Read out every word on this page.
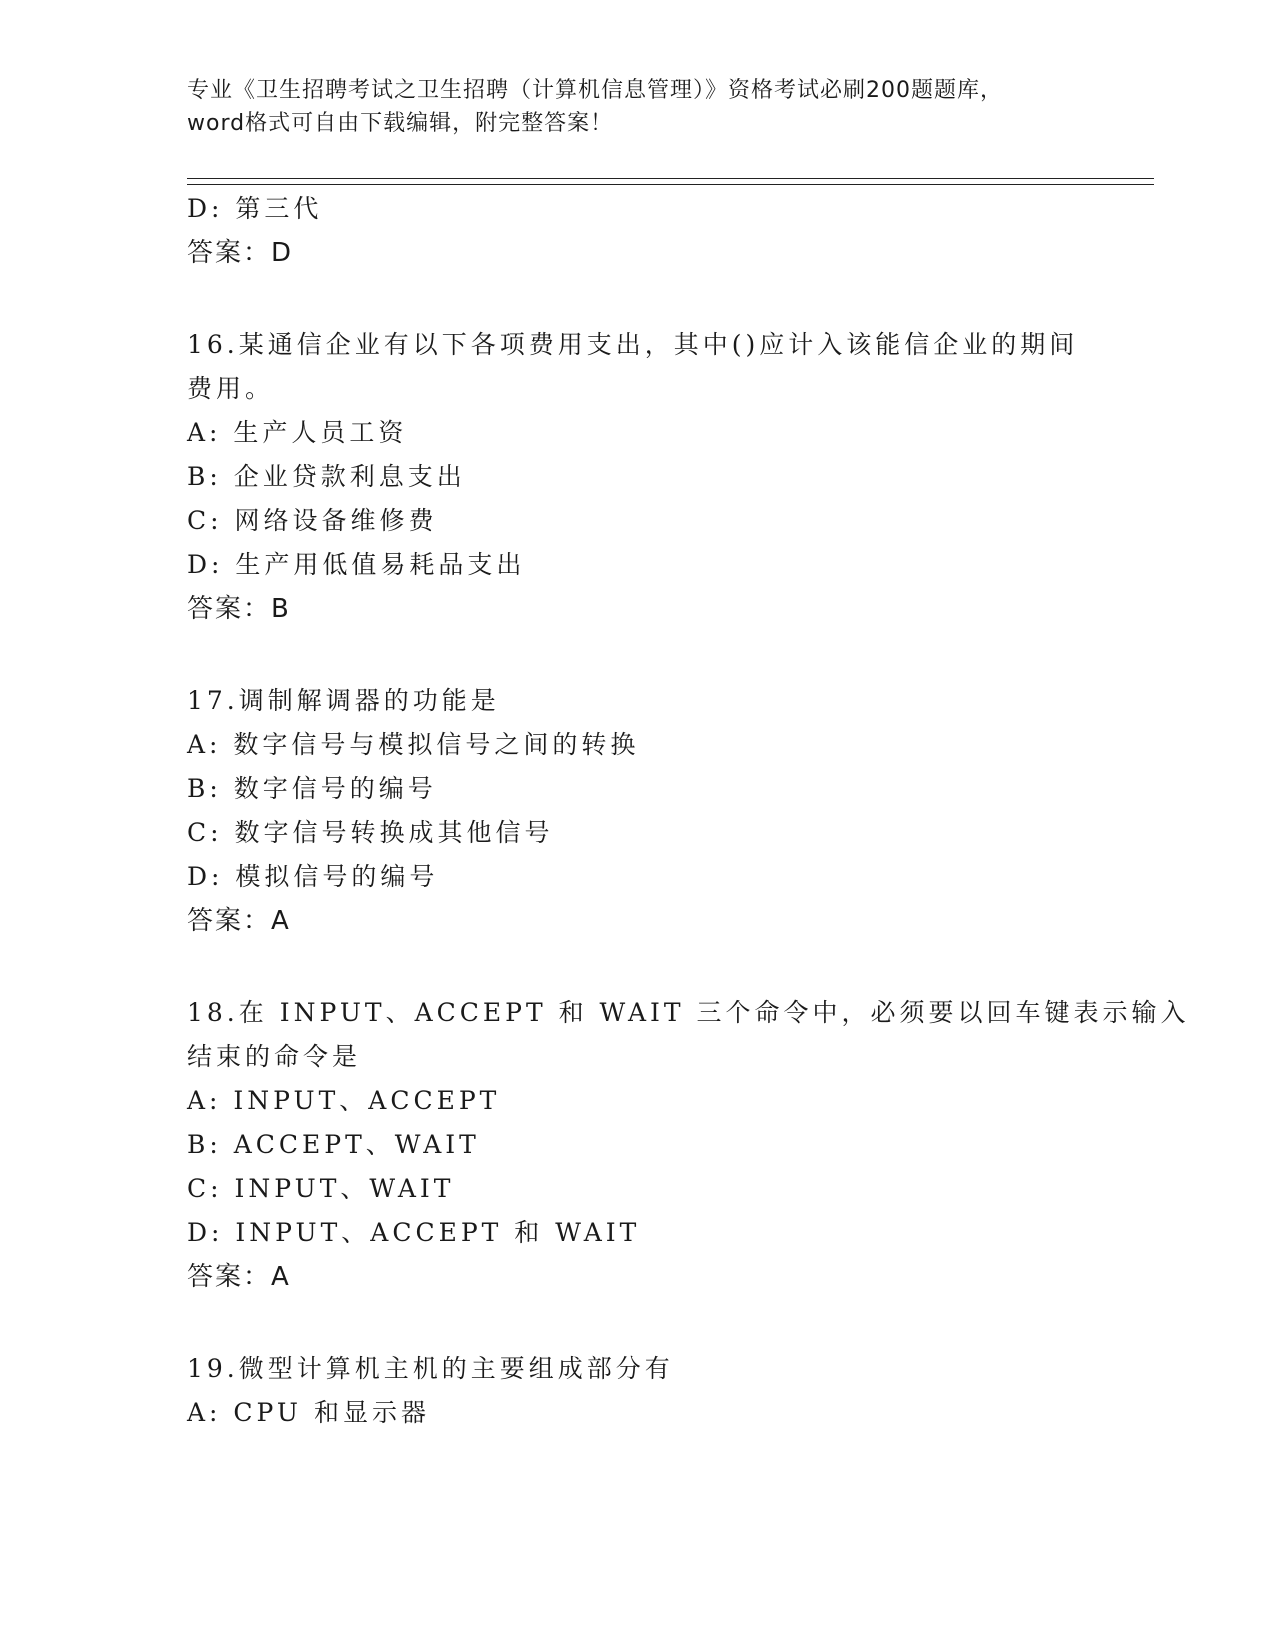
专业《卫生招聘考试之卫生招聘（计算机信息管理）》资格考试必刷200题题库，
word格式可自由下载编辑，附完整答案！
D: 第三代
答案：D
16.某通信企业有以下各项费用支出，其中()应计入该能信企业的期间
费用。
A: 生产人员工资
B: 企业贷款利息支出
C: 网络设备维修费
D: 生产用低值易耗品支出
答案：B
17.调制解调器的功能是
A: 数字信号与模拟信号之间的转换
B: 数字信号的编号
C: 数字信号转换成其他信号
D: 模拟信号的编号
答案：A
18.在 INPUT、ACCEPT 和 WAIT 三个命令中，必须要以回车键表示输入
结束的命令是
A: INPUT、ACCEPT
B: ACCEPT、WAIT
C: INPUT、WAIT
D: INPUT、ACCEPT 和 WAIT
答案：A
19.微型计算机主机的主要组成部分有
A: CPU 和显示器
